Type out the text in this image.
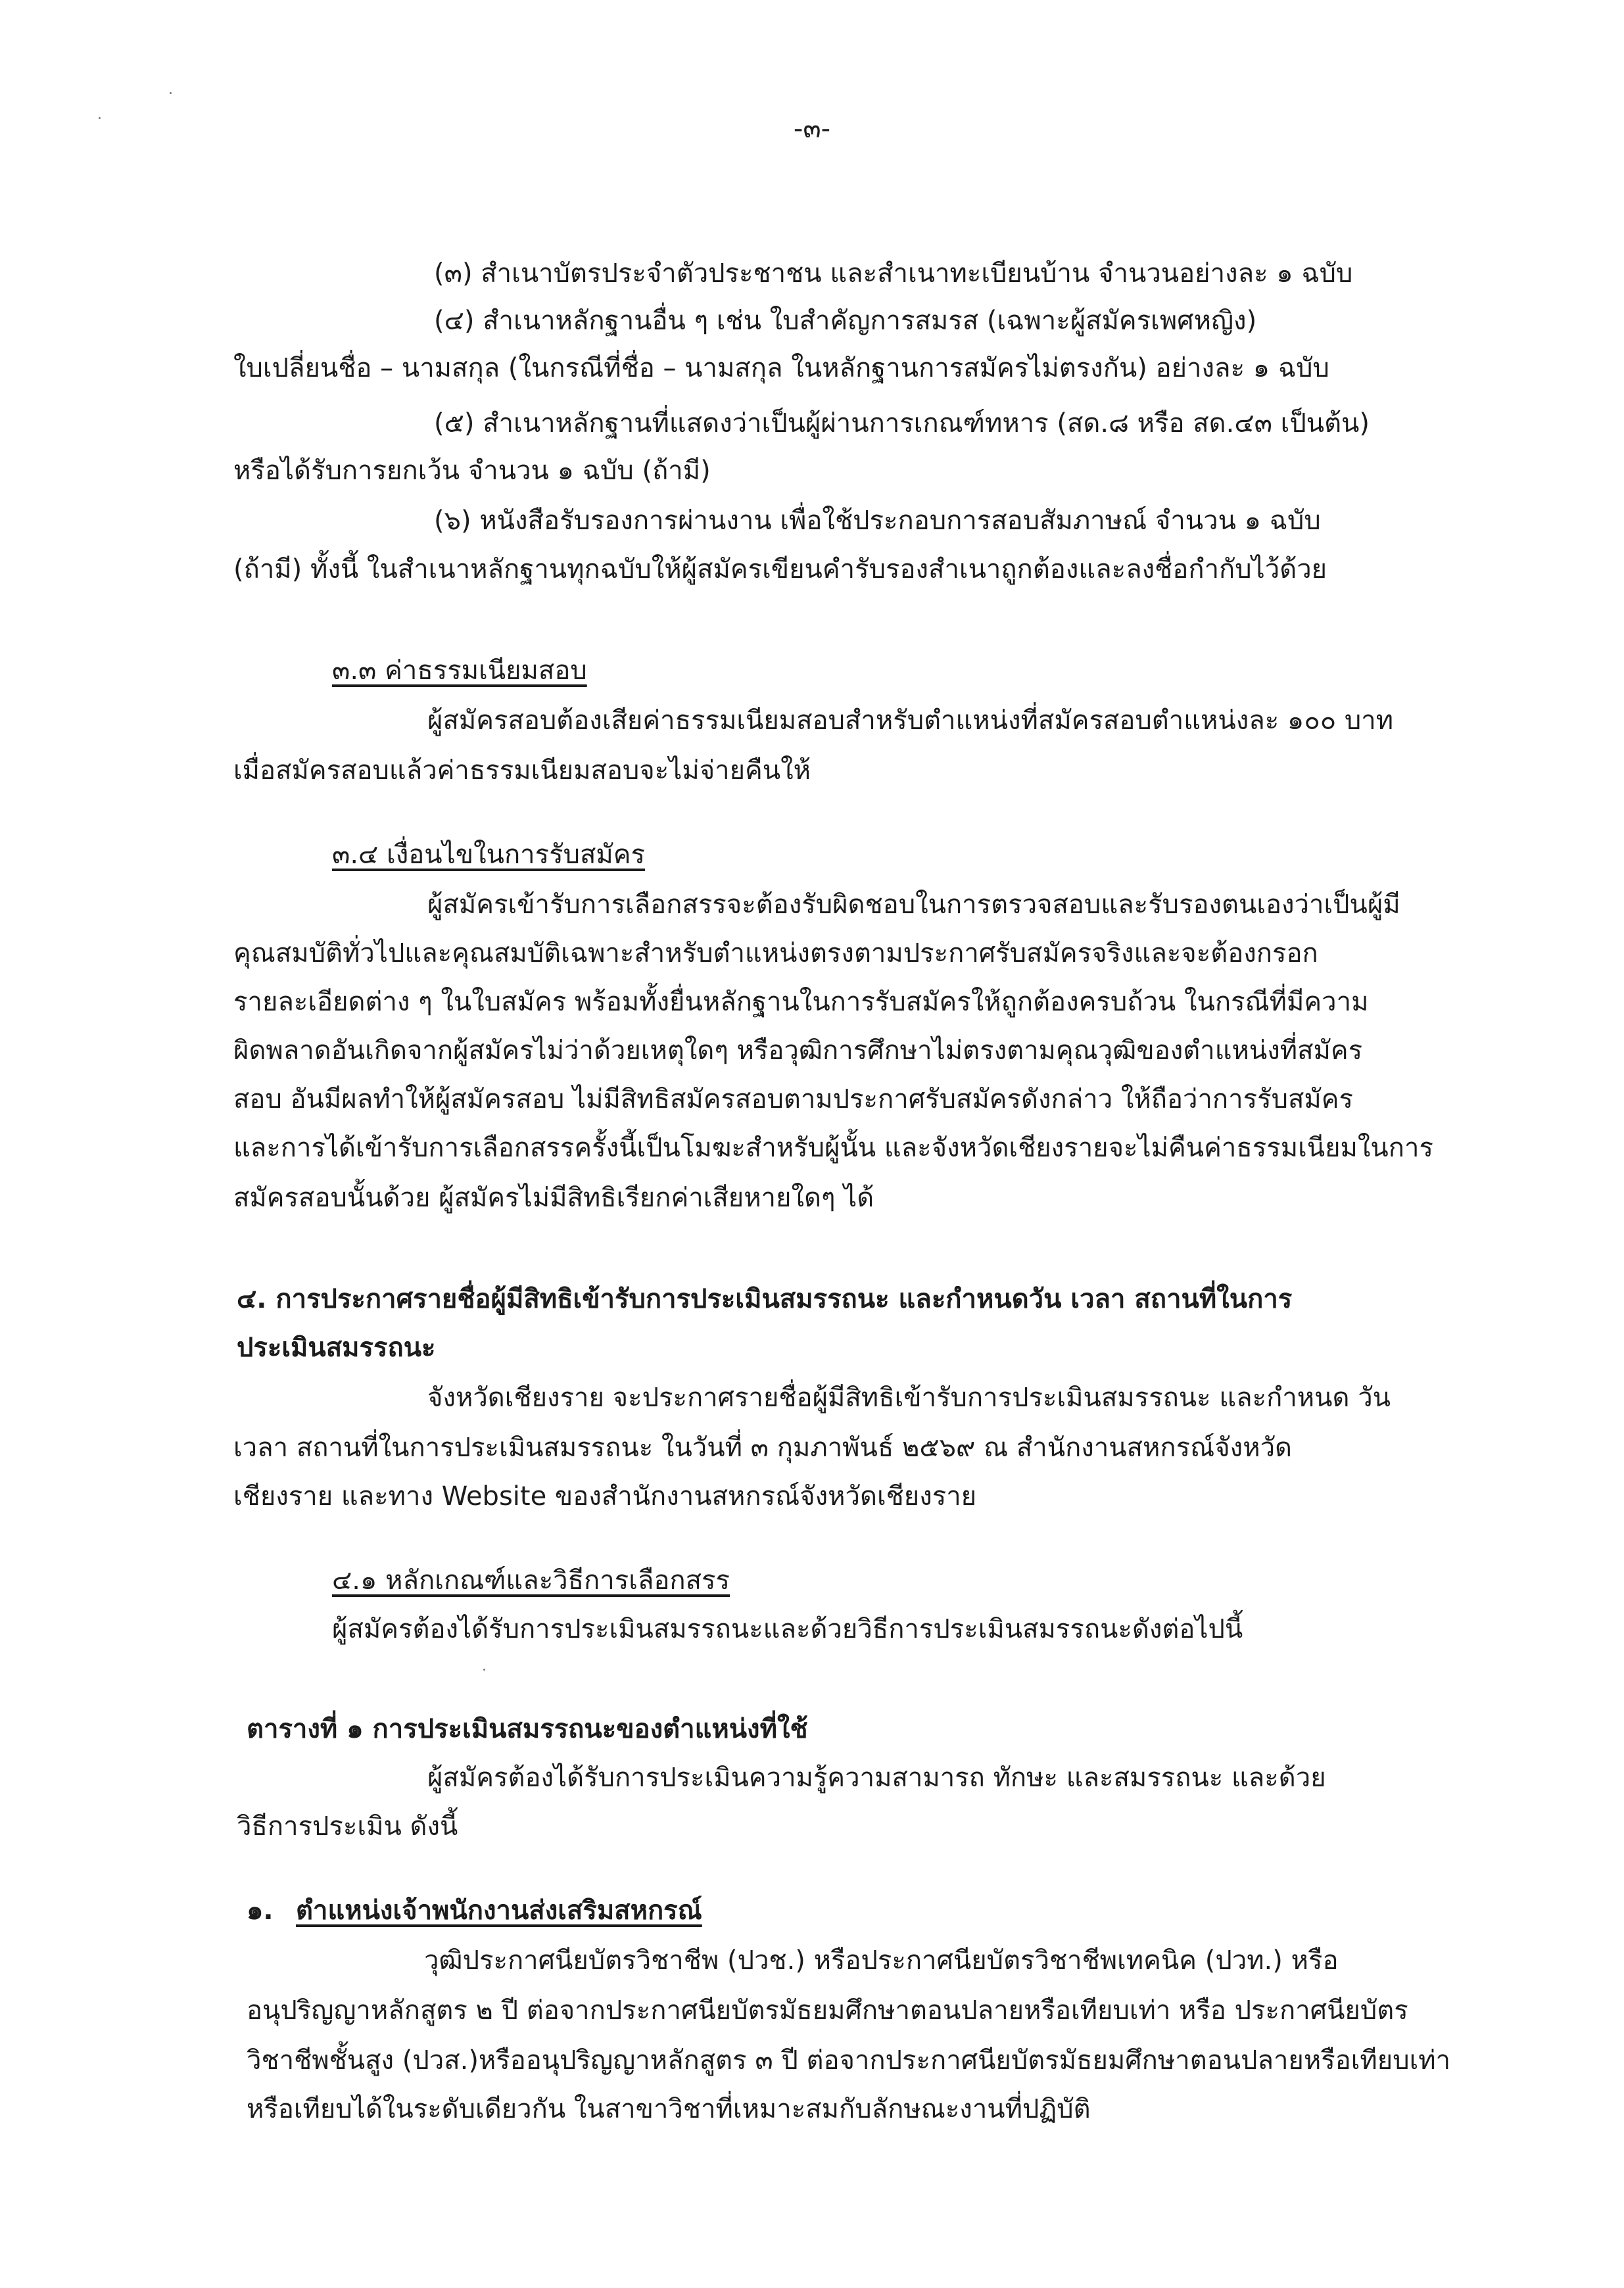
-๓-
(๓) สำเนาบัตรประจำตัวประชาชน และสำเนาทะเบียนบ้าน จำนวนอย่างละ ๑ ฉบับ
(๔) สำเนาหลักฐานอื่น ๆ เช่น ใบสำคัญการสมรส (เฉพาะผู้สมัครเพศหญิง)
ใบเปลี่ยนชื่อ – นามสกุล (ในกรณีที่ชื่อ – นามสกุล ในหลักฐานการสมัครไม่ตรงกัน) อย่างละ ๑ ฉบับ
(๕) สำเนาหลักฐานที่แสดงว่าเป็นผู้ผ่านการเกณฑ์ทหาร (สด.๘ หรือ สด.๔๓ เป็นต้น)
หรือได้รับการยกเว้น จำนวน ๑ ฉบับ (ถ้ามี)
(๖) หนังสือรับรองการผ่านงาน เพื่อใช้ประกอบการสอบสัมภาษณ์ จำนวน ๑ ฉบับ
(ถ้ามี) ทั้งนี้ ในสำเนาหลักฐานทุกฉบับให้ผู้สมัครเขียนคำรับรองสำเนาถูกต้องและลงชื่อกำกับไว้ด้วย
๓.๓ ค่าธรรมเนียมสอบ
ผู้สมัครสอบต้องเสียค่าธรรมเนียมสอบสำหรับตำแหน่งที่สมัครสอบตำแหน่งละ ๑๐๐ บาท
เมื่อสมัครสอบแล้วค่าธรรมเนียมสอบจะไม่จ่ายคืนให้
๓.๔ เงื่อนไขในการรับสมัคร
ผู้สมัครเข้ารับการเลือกสรรจะต้องรับผิดชอบในการตรวจสอบและรับรองตนเองว่าเป็นผู้มี
คุณสมบัติทั่วไปและคุณสมบัติเฉพาะสำหรับตำแหน่งตรงตามประกาศรับสมัครจริงและจะต้องกรอก
รายละเอียดต่าง ๆ ในใบสมัคร พร้อมทั้งยื่นหลักฐานในการรับสมัครให้ถูกต้องครบถ้วน ในกรณีที่มีความ
ผิดพลาดอันเกิดจากผู้สมัครไม่ว่าด้วยเหตุใดๆ หรือวุฒิการศึกษาไม่ตรงตามคุณวุฒิของตำแหน่งที่สมัคร
สอบ อันมีผลทำให้ผู้สมัครสอบ ไม่มีสิทธิสมัครสอบตามประกาศรับสมัครดังกล่าว ให้ถือว่าการรับสมัคร
และการได้เข้ารับการเลือกสรรครั้งนี้เป็นโมฆะสำหรับผู้นั้น และจังหวัดเชียงรายจะไม่คืนค่าธรรมเนียมในการ
สมัครสอบนั้นด้วย ผู้สมัครไม่มีสิทธิเรียกค่าเสียหายใดๆ ได้
๔. การประกาศรายชื่อผู้มีสิทธิเข้ารับการประเมินสมรรถนะ และกำหนดวัน เวลา สถานที่ในการ
ประเมินสมรรถนะ
จังหวัดเชียงราย จะประกาศรายชื่อผู้มีสิทธิเข้ารับการประเมินสมรรถนะ และกำหนด วัน
เวลา สถานที่ในการประเมินสมรรถนะ ในวันที่ ๓ กุมภาพันธ์ ๒๕๖๙ ณ สำนักงานสหกรณ์จังหวัด
เชียงราย และทาง Website ของสำนักงานสหกรณ์จังหวัดเชียงราย
๔.๑ หลักเกณฑ์และวิธีการเลือกสรร
ผู้สมัครต้องได้รับการประเมินสมรรถนะและด้วยวิธีการประเมินสมรรถนะดังต่อไปนี้
ตารางที่ ๑ การประเมินสมรรถนะของตำแหน่งที่ใช้
ผู้สมัครต้องได้รับการประเมินความรู้ความสามารถ ทักษะ และสมรรถนะ และด้วย
วิธีการประเมิน ดังนี้
๑. ตำแหน่งเจ้าพนักงานส่งเสริมสหกรณ์
วุฒิประกาศนียบัตรวิชาชีพ (ปวช.) หรือประกาศนียบัตรวิชาชีพเทคนิค (ปวท.) หรือ
อนุปริญญาหลักสูตร ๒ ปี ต่อจากประกาศนียบัตรมัธยมศึกษาตอนปลายหรือเทียบเท่า หรือ ประกาศนียบัตร
วิชาชีพชั้นสูง (ปวส.)หรืออนุปริญญาหลักสูตร ๓ ปี ต่อจากประกาศนียบัตรมัธยมศึกษาตอนปลายหรือเทียบเท่า
หรือเทียบได้ในระดับเดียวกัน ในสาขาวิชาที่เหมาะสมกับลักษณะงานที่ปฏิบัติ
